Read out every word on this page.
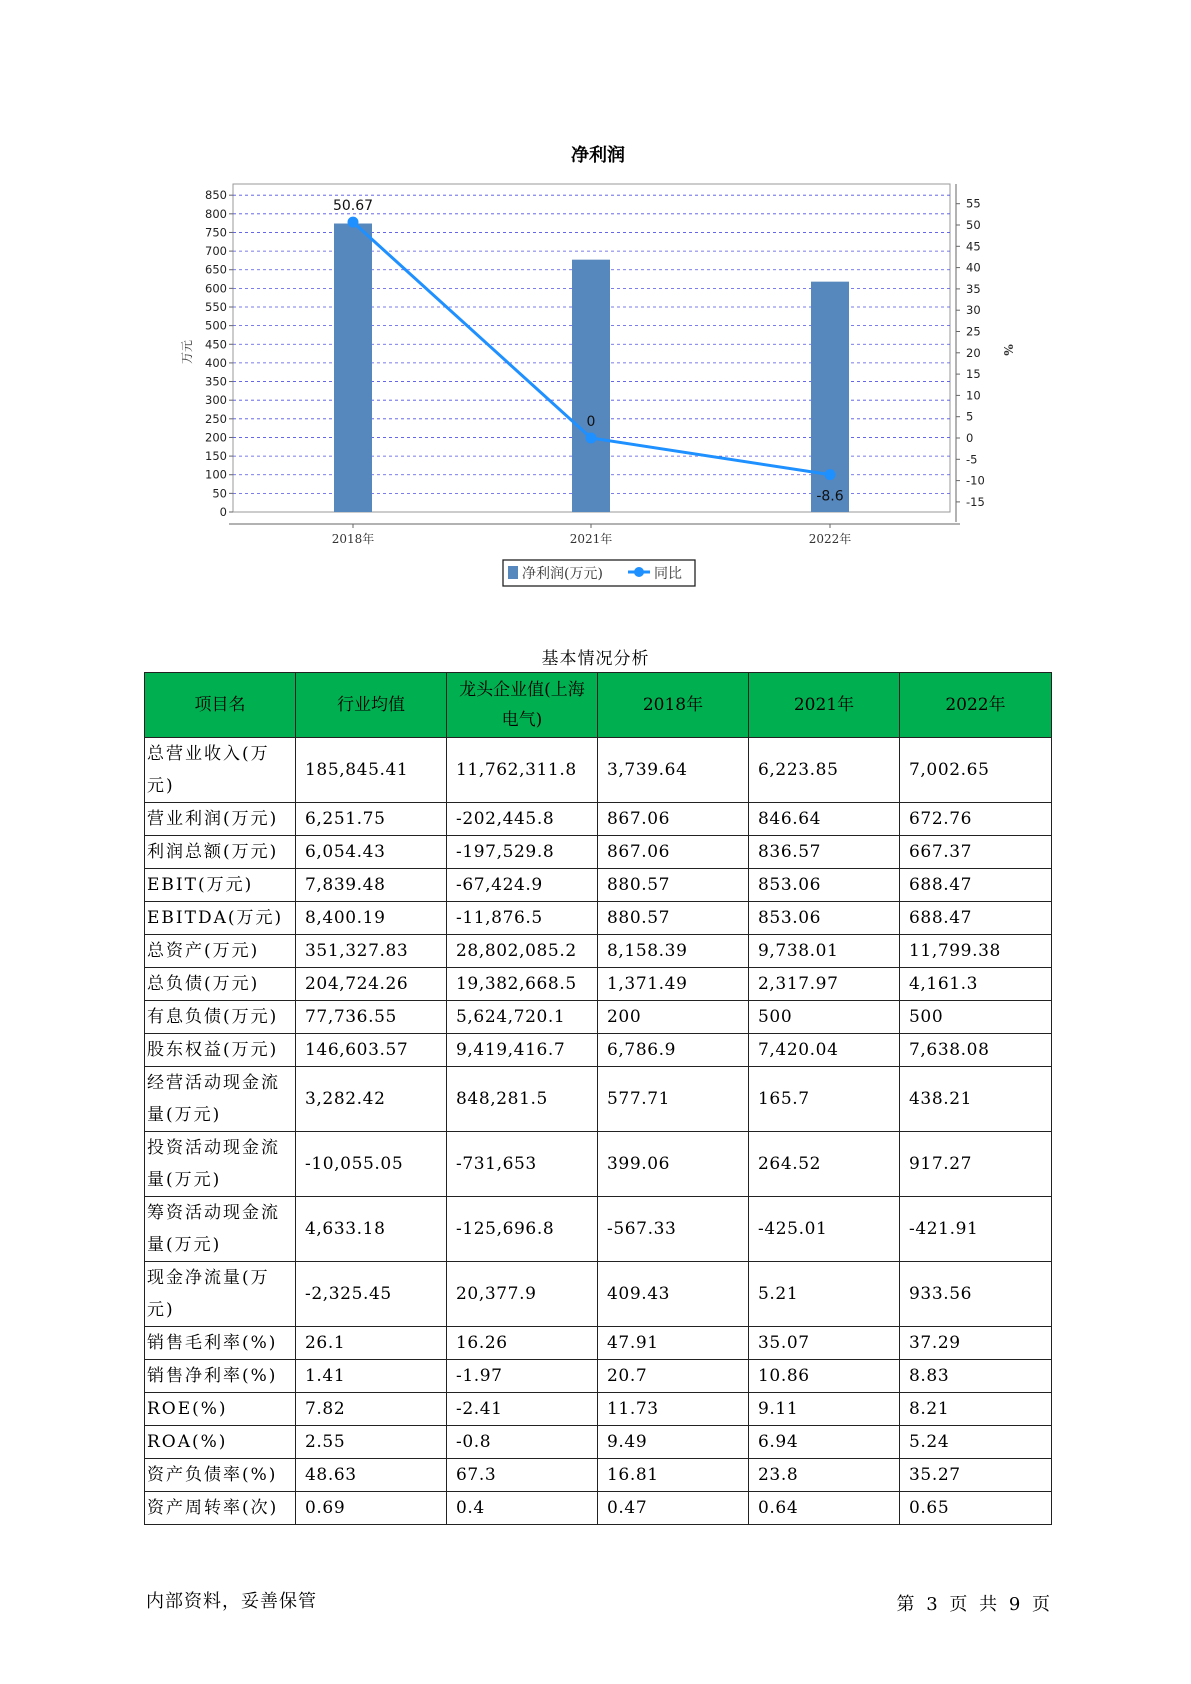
净利润
0
50
100
150
200
250
300
350
400
450
500
550
600
650
700
750
800
850
-15
-10
-5
0
5
10
15
20
25
30
35
40
45
50
55
2018年	2021年	2022年
50.67
0
-8.6
万元	%
净利润(万元)	同比
基本情况分析
项目名	行业均值	龙头企业值(上海电气)	2018年	2021年	2022年
总营业收入(万元)	185,845.41	11,762,311.8	3,739.64	6,223.85	7,002.65
营业利润(万元)	6,251.75	-202,445.8	867.06	846.64	672.76
利润总额(万元)	6,054.43	-197,529.8	867.06	836.57	667.37
EBIT(万元)	7,839.48	-67,424.9	880.57	853.06	688.47
EBITDA(万元)	8,400.19	-11,876.5	880.57	853.06	688.47
总资产(万元)	351,327.83	28,802,085.2	8,158.39	9,738.01	11,799.38
总负债(万元)	204,724.26	19,382,668.5	1,371.49	2,317.97	4,161.3
有息负债(万元)	77,736.55	5,624,720.1	200	500	500
股东权益(万元)	146,603.57	9,419,416.7	6,786.9	7,420.04	7,638.08
经营活动现金流量(万元)	3,282.42	848,281.5	577.71	165.7	438.21
投资活动现金流量(万元)	-10,055.05	-731,653	399.06	264.52	917.27
筹资活动现金流量(万元)	4,633.18	-125,696.8	-567.33	-425.01	-421.91
现金净流量(万元)	-2,325.45	20,377.9	409.43	5.21	933.56
销售毛利率(%)	26.1	16.26	47.91	35.07	37.29
销售净利率(%)	1.41	-1.97	20.7	10.86	8.83
ROE(%)	7.82	-2.41	11.73	9.11	8.21
ROA(%)	2.55	-0.8	9.49	6.94	5.24
资产负债率(%)	48.63	67.3	16.81	23.8	35.27
资产周转率(次)	0.69	0.4	0.47	0.64	0.65
内部资料，妥善保管	第 3 页 共 9 页
